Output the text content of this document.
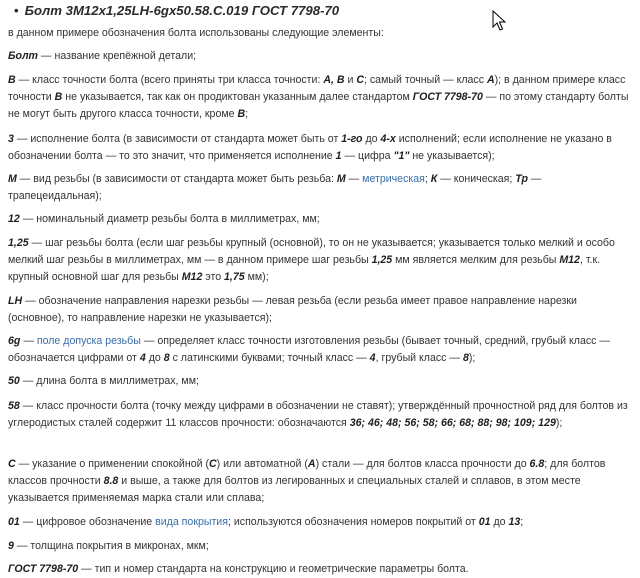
• Болт 3M12x1,25LH-6gx50.58.C.019 ГОСТ 7798-70
в данном примере обозначения болта использованы следующие элементы:
Болт — название крепёжной детали;
В — класс точности болта (всего приняты три класса точности: А, В и С; самый точный — класс А); в данном примере класс точности В не указывается, так как он продиктован указанным далее стандартом ГОСТ 7798-70 — по этому стандарту болты не могут быть другого класса точности, кроме В;
3 — исполнение болта (в зависимости от стандарта может быть от 1-го до 4-х исполнений; если исполнение не указано в обозначении болта — то это значит, что применяется исполнение 1 — цифра "1" не указывается);
М — вид резьбы (в зависимости от стандарта может быть резьба: М — метрическая; К — коническая; Тр — трапецеидальная);
12 — номинальный диаметр резьбы болта в миллиметрах, мм;
1,25 — шаг резьбы болта (если шаг резьбы крупный (основной), то он не указывается; указывается только мелкий и особо мелкий шаг резьбы в миллиметрах, мм — в данном примере шаг резьбы 1,25 мм является мелким для резьбы М12, т.к. крупный основной шаг для резьбы М12 это 1,75 мм);
LH — обозначение направления нарезки резьбы — левая резьба (если резьба имеет правое направление нарезки (основное), то направление нарезки не указывается);
6g — поле допуска резьбы — определяет класс точности изготовления резьбы (бывает точный, средний, грубый класс — обозначается цифрами от 4 до 8 с латинскими буквами; точный класс — 4, грубый класс — 8);
50 — длина болта в миллиметрах, мм;
58 — класс прочности болта (точку между цифрами в обозначении не ставят); утверждённый прочностной ряд для болтов из углеродистых сталей содержит 11 классов прочности: обозначаются 36; 46; 48; 56; 58; 66; 68; 88; 98; 109; 129);
С — указание о применении спокойной (С) или автоматной (А) стали — для болтов класса прочности до 6.8; для болтов классов прочности 8.8 и выше, а также для болтов из легированных и специальных сталей и сплавов, в этом месте указывается применяемая марка стали или сплава;
01 — цифровое обозначение вида покрытия; используются обозначения номеров покрытий от 01 до 13;
9 — толщина покрытия в микронах, мкм;
ГОСТ 7798-70 — тип и номер стандарта на конструкцию и геометрические параметры болта.
